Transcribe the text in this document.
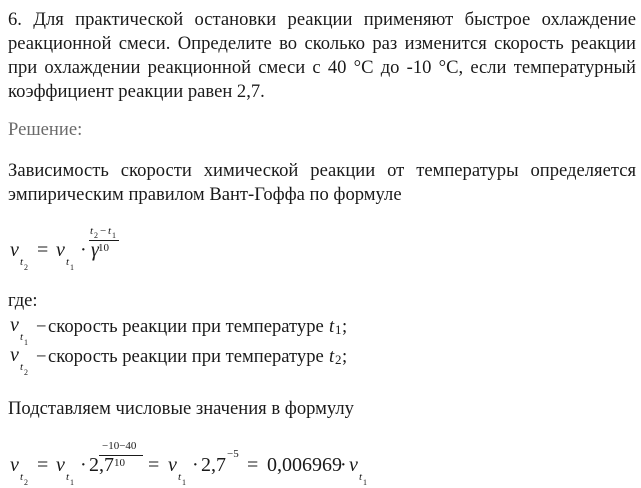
6. Для практической остановки реакции применяют быстрое охлаждение реакционной смеси. Определите во сколько раз изменится скорость реакции при охлаждении реакционной смеси с 40 °С до -10 °С, если температурный коэффициент реакции равен 2,7.
Решение:
Зависимость скорости химической реакции от температуры определяется эмпирическим правилом Вант-Гоффа по формуле
v
t 2
= v
t 1
· γ
t 2 − t 1
10
где:
v
t 1
− скорость реакции при температуре t 1 ;
v
t 2
− скорость реакции при температуре t 2 ;
Подставляем числовые значения в формулу
v
t 2
= v
t 1
· 2,7
−10−40
10 = v
t 1
· 2,7 −5 = 0,006969
· v
t 1
